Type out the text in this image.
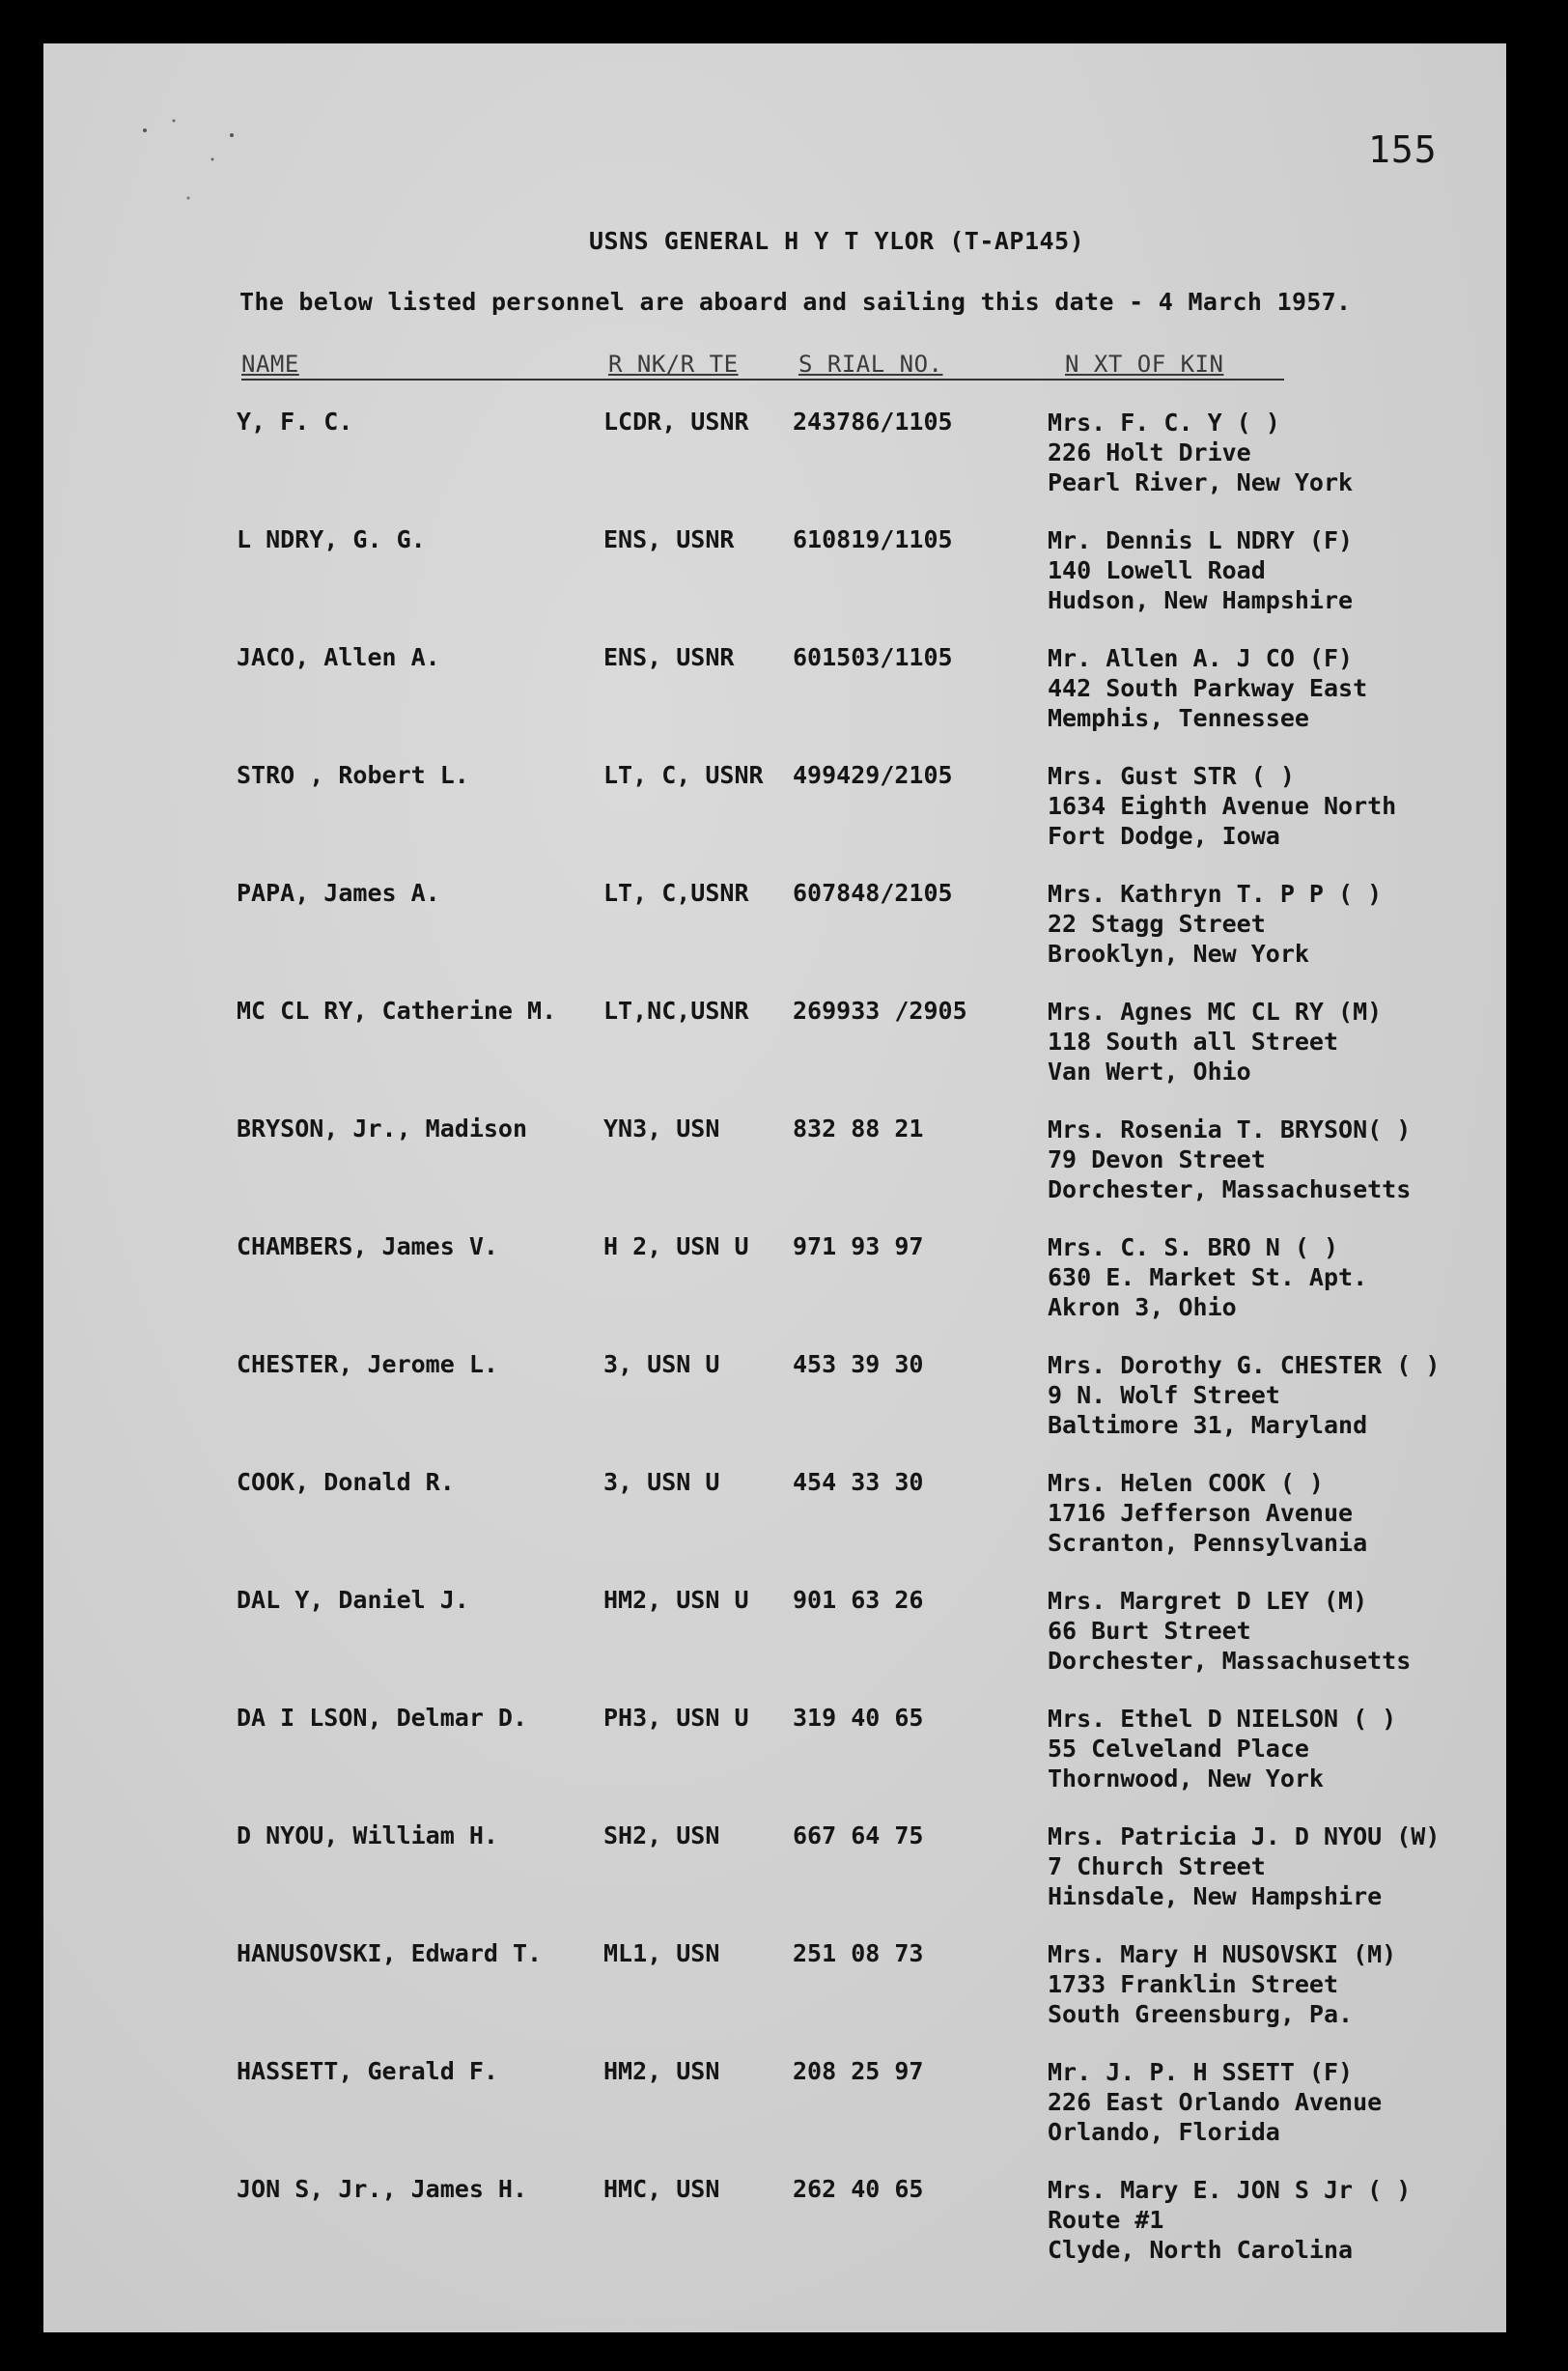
155
USNS GENERAL H Y T YLOR (T-AP145)
The below listed personnel are aboard and sailing this date - 4 March 1957.
NAME	R NK/R TE	S RIAL NO.	N XT OF KIN
Y, F. C.	LCDR, USNR 243786/1105	Mrs. F. C. Y ( )
226 Holt Drive
Pearl River, New York
L NDRY, G. G.	ENS, USNR 610819/1105	Mr. Dennis L NDRY (F)
140 Lowell Road
Hudson, New Hampshire
JACO, Allen A.	ENS, USNR 601503/1105	Mr. Allen A. J CO (F)
442 South Parkway East
Memphis, Tennessee
STRO , Robert L.	LT, C, USNR 499429/2105	Mrs. Gust STR ( )
1634 Eighth Avenue North
Fort Dodge, Iowa
PAPA, James A.	LT, C,USNR 607848/2105	Mrs. Kathryn T. P P ( )
22 Stagg Street
Brooklyn, New York
MC CL RY, Catherine M. LT,NC,USNR 269933 /2905	Mrs. Agnes MC CL RY (M)
118 South all Street
Van Wert, Ohio
BRYSON, Jr., Madison	YN3, USN	832 88 21	Mrs. Rosenia T. BRYSON( )
79 Devon Street
Dorchester, Massachusetts
CHAMBERS, James V.	H 2, USN U 971 93 97	Mrs. C. S. BRO N ( )
630 E. Market St. Apt.
Akron 3, Ohio
CHESTER, Jerome L.	3, USN U	453 39 30	Mrs. Dorothy G. CHESTER ( )
9 N. Wolf Street
Baltimore 31, Maryland
COOK, Donald R.	3, USN U	454 33 30	Mrs. Helen COOK ( )
1716 Jefferson Avenue
Scranton, Pennsylvania
DAL Y, Daniel J.	HM2, USN U 901 63 26	Mrs. Margret D LEY (M)
66 Burt Street
Dorchester, Massachusetts
DA I LSON, Delmar D.	PH3, USN U 319 40 65	Mrs. Ethel D NIELSON ( )
55 Celveland Place
Thornwood, New York
D NYOU, William H.	SH2, USN	667 64 75	Mrs. Patricia J. D NYOU (W)
7 Church Street
Hinsdale, New Hampshire
HANUSOVSKI, Edward T.	ML1, USN	251 08 73	Mrs. Mary H NUSOVSKI (M)
1733 Franklin Street
South Greensburg, Pa.
HASSETT, Gerald F.	HM2, USN	208 25 97	Mr. J. P. H SSETT (F)
226 East Orlando Avenue
Orlando, Florida
JON S, Jr., James H.	HMC, USN	262 40 65	Mrs. Mary E. JON S Jr ( )
Route #1
Clyde, North Carolina
